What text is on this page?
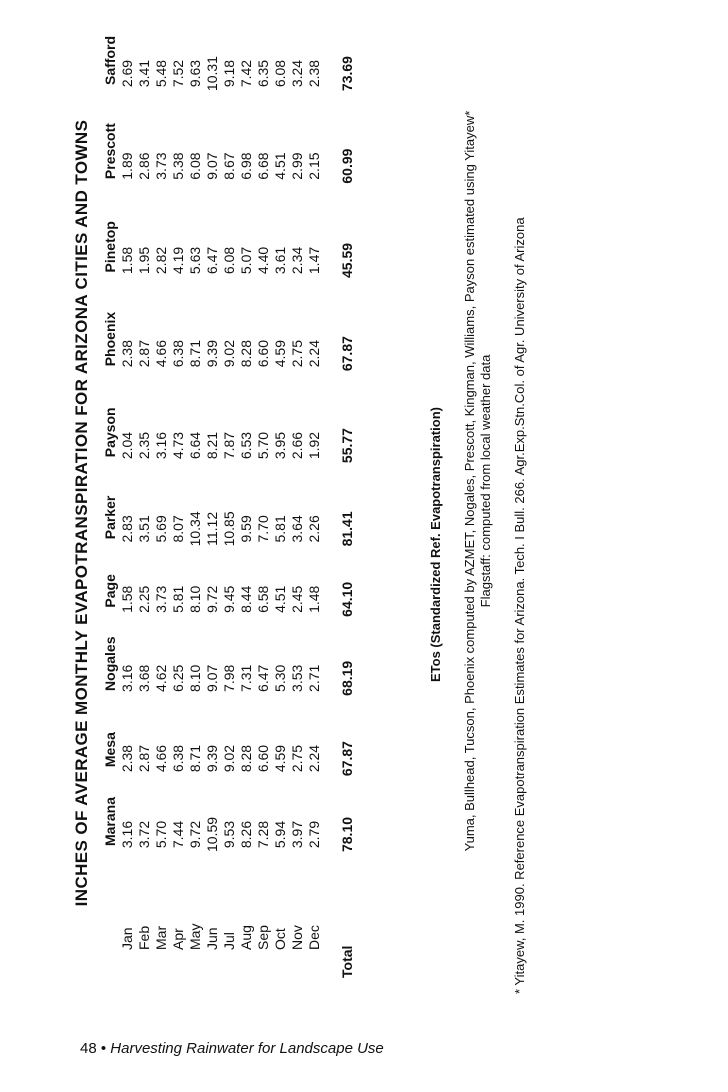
INCHES OF AVERAGE MONTHLY EVAPOTRANSPIRATION FOR ARIZONA CITIES AND TOWNS
	Marana	Mesa	Nogales	Page	Parker	Payson	Phoenix	Pinetop	Prescott	Safford
Jan	3.16	2.38	3.16	1.58	2.83	2.04	2.38	1.58	1.89	2.69
Feb	3.72	2.87	3.68	2.25	3.51	2.35	2.87	1.95	2.86	3.41
Mar	5.70	4.66	4.62	3.73	5.69	3.16	4.66	2.82	3.73	5.48
Apr	7.44	6.38	6.25	5.81	8.07	4.73	6.38	4.19	5.38	7.52
May	9.72	8.71	8.10	8.10	10.34	6.64	8.71	5.63	6.08	9.63
Jun	10.59	9.39	9.07	9.72	11.12	8.21	9.39	6.47	9.07	10.31
Jul	9.53	9.02	7.98	9.45	10.85	7.87	9.02	6.08	8.67	9.18
Aug	8.26	8.28	7.31	8.44	9.59	6.53	8.28	5.07	6.98	7.42
Sep	7.28	6.60	6.47	6.58	7.70	5.70	6.60	4.40	6.68	6.35
Oct	5.94	4.59	5.30	4.51	5.81	3.95	4.59	3.61	4.51	6.08
Nov	3.97	2.75	3.53	2.45	3.64	2.66	2.75	2.34	2.99	3.24
Dec	2.79	2.24	2.71	1.48	2.26	1.92	2.24	1.47	2.15	2.38

Total	78.10	67.87	68.19	64.10	81.41	55.77	67.87	45.59	60.99	73.69
ETos (Standardized Ref. Evapotranspiration) Yuma, Bullhead, Tucson, Phoenix computed by AZMET, Nogales, Prescott, Kingman, Williams, Payson estimated using Yitayew* Flagstaff: computed from local weather data * Yitayew, M. 1990. Reference Evapotranspiration Estimates for Arizona. Tech. I Bull. 266. Agr.Exp.Stn.Col. of Agr. University of Arizona
48 • Harvesting Rainwater for Landscape Use
